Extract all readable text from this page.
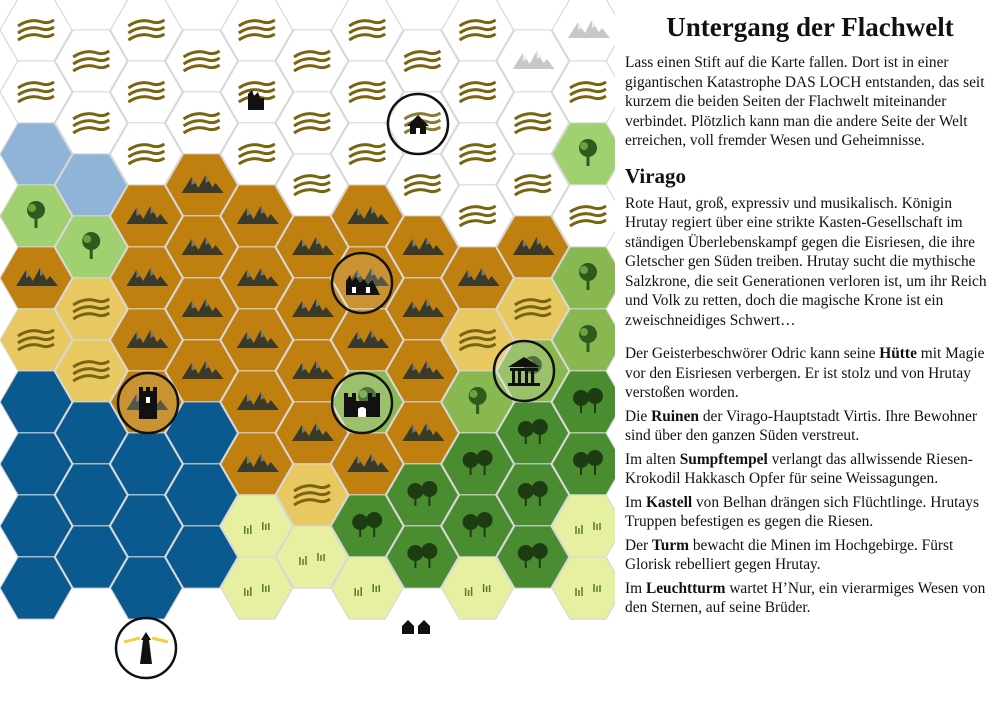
Untergang der Flachwelt

Lass einen Stift auf die Karte fallen. Dort ist in einer gigantischen Katastrophe DAS LOCH entstanden, das seit kurzem die beiden Seiten der Flachwelt miteinander verbindet. Plötzlich kann man die andere Seite der Welt erreichen, voll fremder Wesen und Geheimnisse.

Virago

Rote Haut, groß, expressiv und musikalisch. Königin Hrutay regiert über eine strikte Kasten-Gesellschaft im ständigen Überlebenskampf gegen die Eisriesen, die ihre Gletscher gen Süden treiben. Hrutay sucht die mythische Salzkrone, die seit Generationen verloren ist, um ihr Reich und Volk zu retten, doch die magische Krone ist ein zweischneidiges Schwert…

Der Geisterbeschwörer Odric kann seine Hütte mit Magie vor den Eisriesen verbergen. Er ist stolz und von Hrutay verstoßen worden.

Die Ruinen der Virago-Hauptstadt Virtis. Ihre Bewohner sind über den ganzen Süden verstreut.

Im alten Sumpftempel verlangt das allwissende Riesen-Krokodil Hakkasch Opfer für seine Weissagungen.

Im Kastell von Belhan drängen sich Flüchtlinge. Hrutays Truppen befestigen es gegen die Riesen.

Der Turm bewacht die Minen im Hochgebirge. Fürst Glorisk rebelliert gegen Hrutay.

Im Leuchtturm wartet H’Nur, ein vierarmiges Wesen von den Sternen, auf seine Brüder.
